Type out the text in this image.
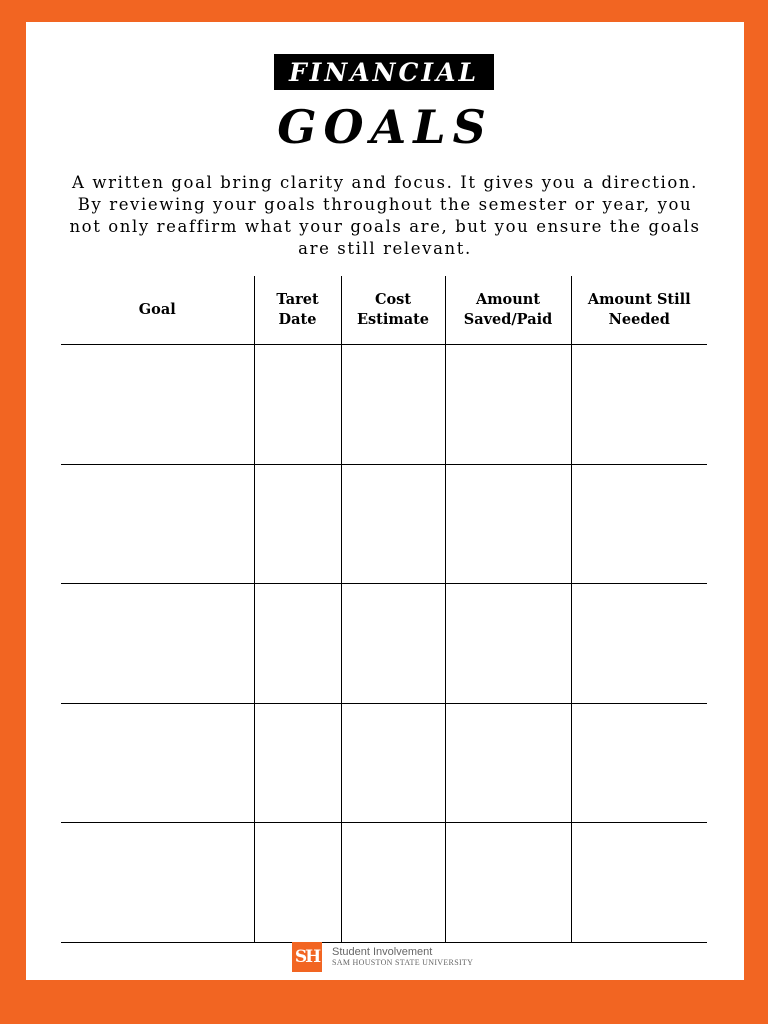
FINANCIAL
GOALS
A written goal bring clarity and focus. It gives you a direction. By reviewing your goals throughout the semester or year, you not only reaffirm what your goals are, but you ensure the goals are still relevant.
Goal	Taret Date	Cost Estimate	Amount Saved/Paid	Amount Still Needed

SH Student Involvement
SAM HOUSTON STATE UNIVERSITY
